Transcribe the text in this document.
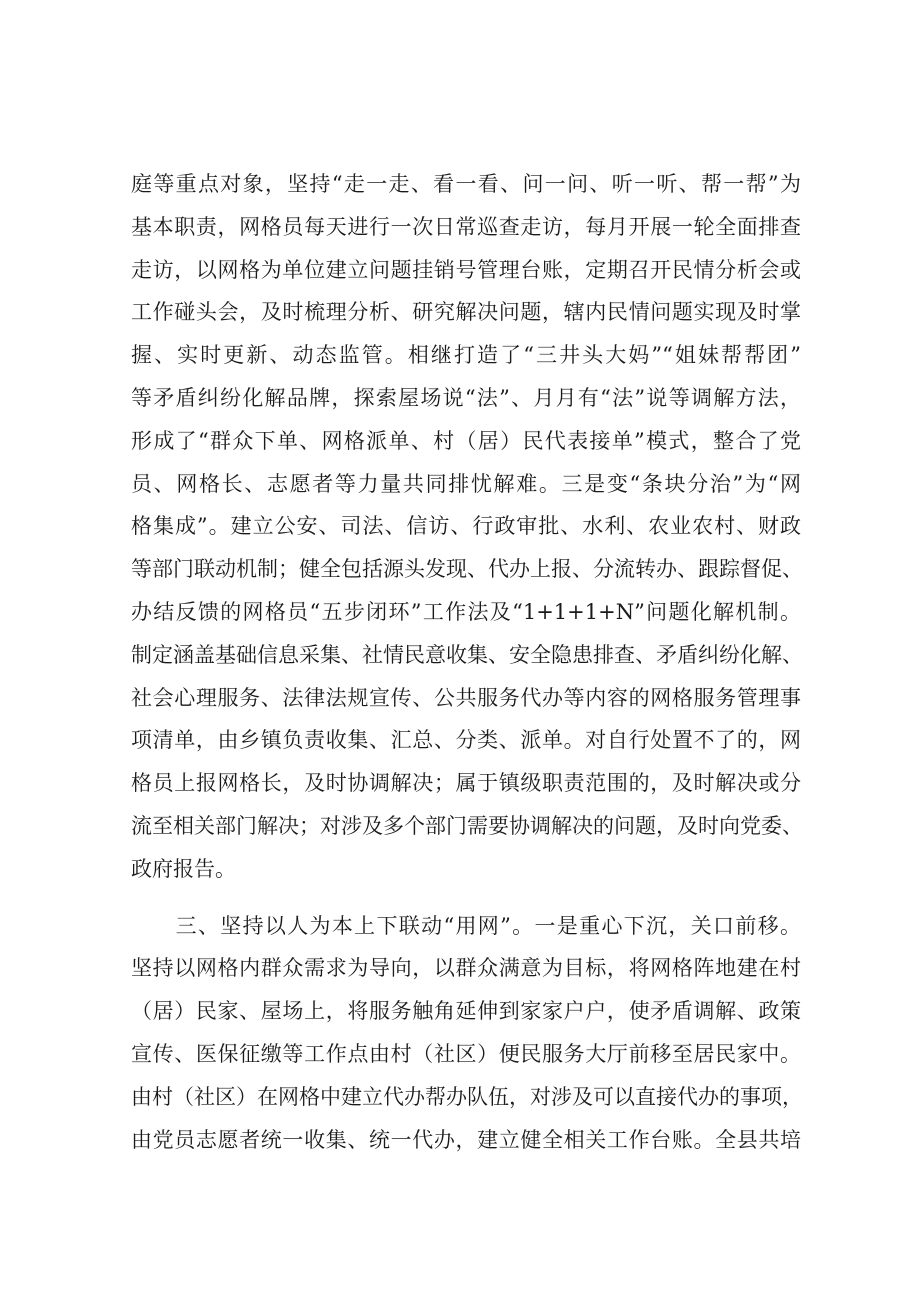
庭等重点对象，坚持“走一走、看一看、问一问、听一听、帮一帮”为
基本职责，网格员每天进行一次日常巡查走访，每月开展一轮全面排查
走访，以网格为单位建立问题挂销号管理台账，定期召开民情分析会或
工作碰头会，及时梳理分析、研究解决问题，辖内民情问题实现及时掌
握、实时更新、动态监管。相继打造了“三井头大妈”“姐妹帮帮团”
等矛盾纠纷化解品牌，探索屋场说“法”、月月有“法”说等调解方法，
形成了“群众下单、网格派单、村（居）民代表接单”模式，整合了党
员、网格长、志愿者等力量共同排忧解难。三是变“条块分治”为“网
格集成”。建立公安、司法、信访、行政审批、水利、农业农村、财政
等部门联动机制；健全包括源头发现、代办上报、分流转办、跟踪督促、
办结反馈的网格员“五步闭环”工作法及“1+1+1+N”问题化解机制。
制定涵盖基础信息采集、社情民意收集、安全隐患排查、矛盾纠纷化解、
社会心理服务、法律法规宣传、公共服务代办等内容的网格服务管理事
项清单，由乡镇负责收集、汇总、分类、派单。对自行处置不了的，网
格员上报网格长，及时协调解决；属于镇级职责范围的，及时解决或分
流至相关部门解决；对涉及多个部门需要协调解决的问题，及时向党委、
政府报告。
　　三、坚持以人为本上下联动“用网”。一是重心下沉，关口前移。
坚持以网格内群众需求为导向，以群众满意为目标，将网格阵地建在村
（居）民家、屋场上，将服务触角延伸到家家户户，使矛盾调解、政策
宣传、医保征缴等工作点由村（社区）便民服务大厅前移至居民家中。
由村（社区）在网格中建立代办帮办队伍，对涉及可以直接代办的事项，
由党员志愿者统一收集、统一代办，建立健全相关工作台账。全县共培
